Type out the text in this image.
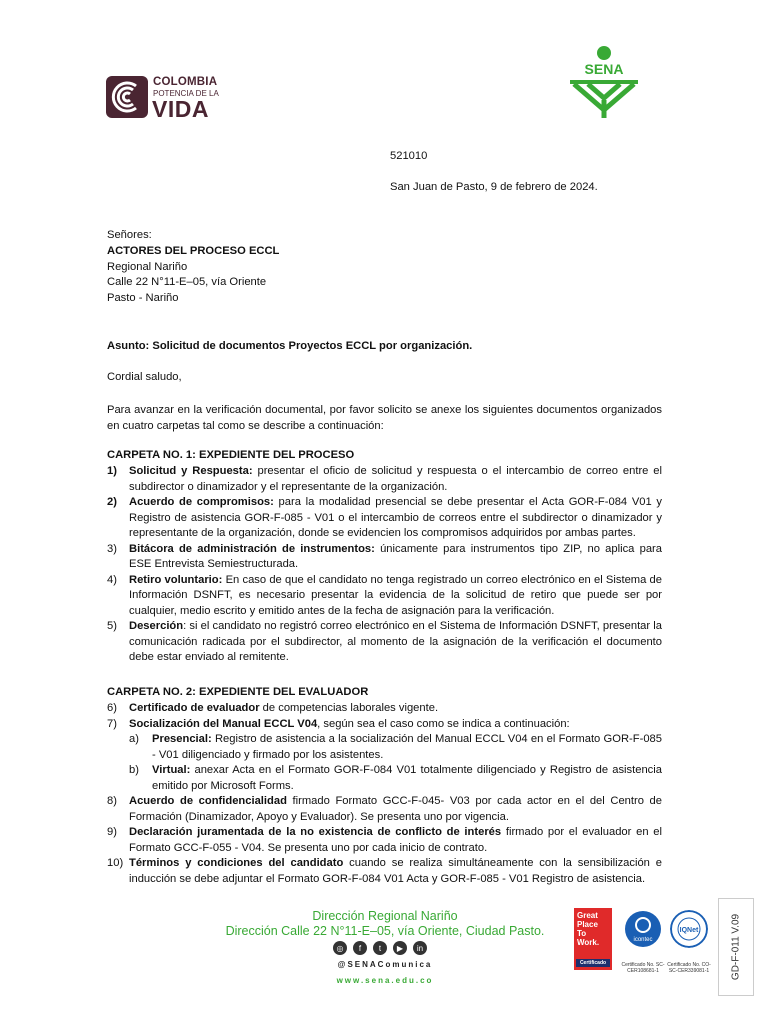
COLOMBIA
POTENCIA DE LA
VIDA
SENA
521010
San Juan de Pasto, 9 de febrero de 2024.
Señores:
ACTORES DEL PROCESO ECCL
Regional Nariño
Calle 22 N°11-E–05, vía Oriente
Pasto - Nariño
Asunto: Solicitud de documentos Proyectos ECCL por organización.
Cordial saludo,
Para avanzar en la verificación documental, por favor solicito se anexe los siguientes documentos organizados en cuatro carpetas tal como se describe a continuación:
CARPETA NO. 1: EXPEDIENTE DEL PROCESO
1) Solicitud y Respuesta: presentar el oficio de solicitud y respuesta o el intercambio de correo entre el subdirector o dinamizador y el representante de la organización.
2) Acuerdo de compromisos: para la modalidad presencial se debe presentar el Acta GOR-F-084 V01 y Registro de asistencia GOR-F-085 - V01 o el intercambio de correos entre el subdirector o dinamizador y representante de la organización, donde se evidencien los compromisos adquiridos por ambas partes.
3) Bitácora de administración de instrumentos: únicamente para instrumentos tipo ZIP, no aplica para ESE Entrevista Semiestructurada.
4) Retiro voluntario: En caso de que el candidato no tenga registrado un correo electrónico en el Sistema de Información DSNFT, es necesario presentar la evidencia de la solicitud de retiro que puede ser por cualquier, medio escrito y emitido antes de la fecha de asignación para la verificación.
5) Deserción: si el candidato no registró correo electrónico en el Sistema de Información DSNFT, presentar la comunicación radicada por el subdirector, al momento de la asignación de la verificación el documento debe estar enviado al remitente.
CARPETA NO. 2: EXPEDIENTE DEL EVALUADOR
6) Certificado de evaluador de competencias laborales vigente.
7) Socialización del Manual ECCL V04, según sea el caso como se indica a continuación:
a) Presencial: Registro de asistencia a la socialización del Manual ECCL V04 en el Formato GOR-F-085 - V01 diligenciado y firmado por los asistentes.
b) Virtual: anexar Acta en el Formato GOR-F-084 V01 totalmente diligenciado y Registro de asistencia emitido por Microsoft Forms.
8) Acuerdo de confidencialidad firmado Formato GCC-F-045- V03 por cada actor en el del Centro de Formación (Dinamizador, Apoyo y Evaluador). Se presenta uno por vigencia.
9) Declaración juramentada de la no existencia de conflicto de interés firmado por el evaluador en el Formato GCC-F-055 - V04. Se presenta uno por cada inicio de contrato.
10) Términos y condiciones del candidato cuando se realiza simultáneamente con la sensibilización e inducción se debe adjuntar el Formato GOR-F-084 V01 Acta y GOR-F-085 - V01 Registro de asistencia.
Dirección Regional Nariño
Dirección Calle 22 N°11-E–05, vía Oriente, Ciudad Pasto.
◎	f	t	▶	in
@SENAComunica
www.sena.edu.co
Great
Place
To
Work.
Certificado
icontec
IQNet
Certificado No. SC-CER108681-1
Certificado No. CO-SC-CER339081-1	GD-F-011 V.09
